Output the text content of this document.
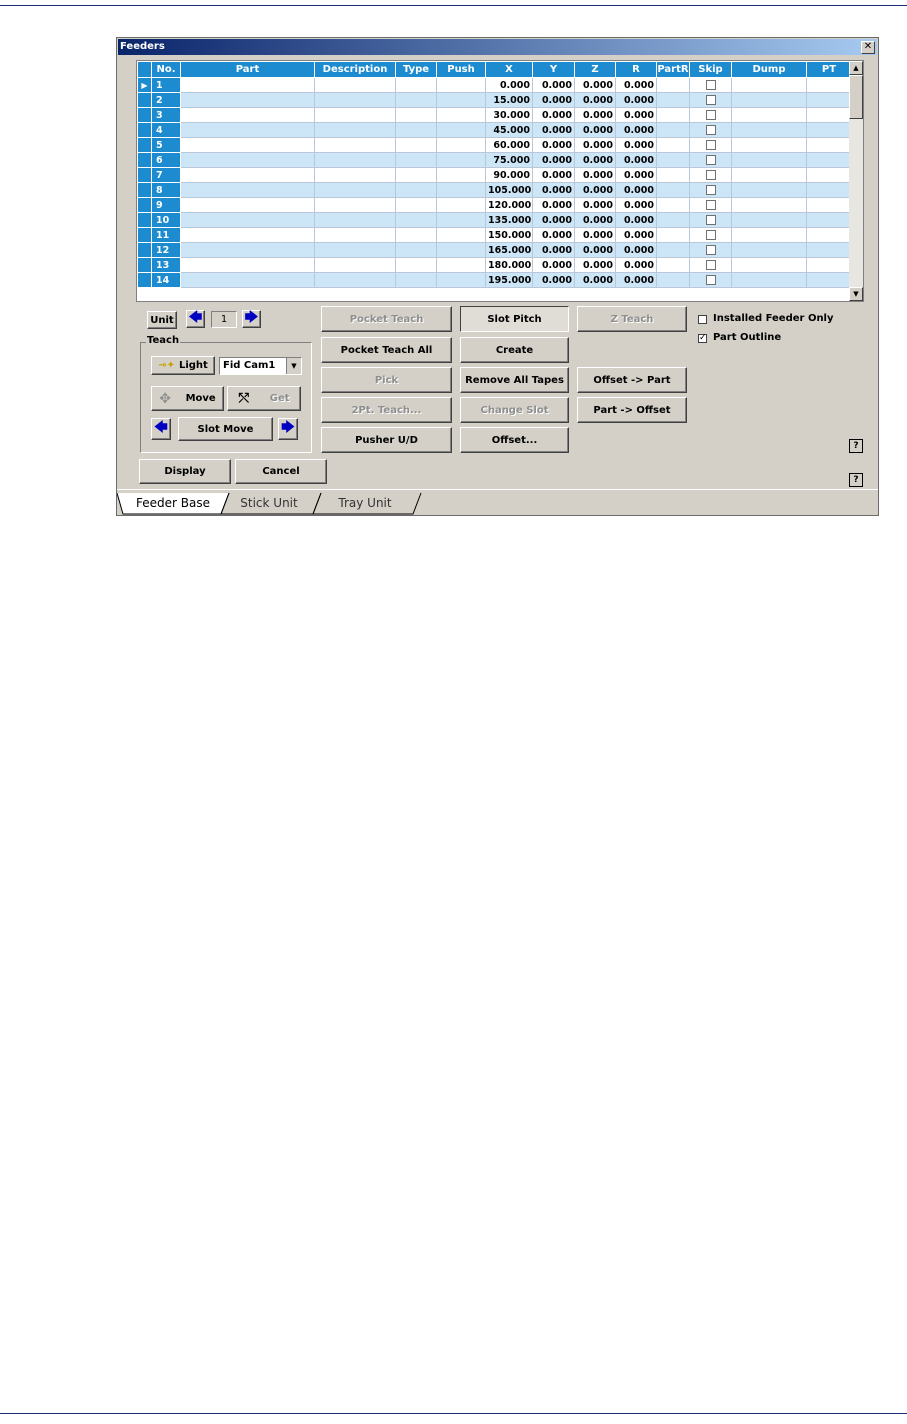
Feeders	✕
	No.	Part	Description	Type	Push	X	Y	Z	R	PartR	Skip	Dump	PT
▶	1					0.000	0.000	0.000	0.000				
	2					15.000	0.000	0.000	0.000				
	3					30.000	0.000	0.000	0.000				
	4					45.000	0.000	0.000	0.000				
	5					60.000	0.000	0.000	0.000				
	6					75.000	0.000	0.000	0.000				
	7					90.000	0.000	0.000	0.000				
	8					105.000	0.000	0.000	0.000				
	9					120.000	0.000	0.000	0.000				
	10					135.000	0.000	0.000	0.000				
	11					150.000	0.000	0.000	0.000				
	12					165.000	0.000	0.000	0.000				
	13					180.000	0.000	0.000	0.000				
	14					195.000	0.000	0.000	0.000				
▲
▼
Unit 🡄	1	🡆
Teach
⊸✦ Light Fid Cam1	▼
✥ Move ⤲ Get
🡄	Slot Move 🡆
Pocket Teach
Pocket Teach All
Pick
2Pt. Teach...
Pusher U/D
Slot Pitch
Create
Remove All Tapes
Change Slot
Offset...
Z Teach
Offset -> Part
Part -> Offset
Installed Feeder Only
✓ Part Outline
Display	Cancel
?
?
Feeder Base	Stick Unit	Tray Unit
